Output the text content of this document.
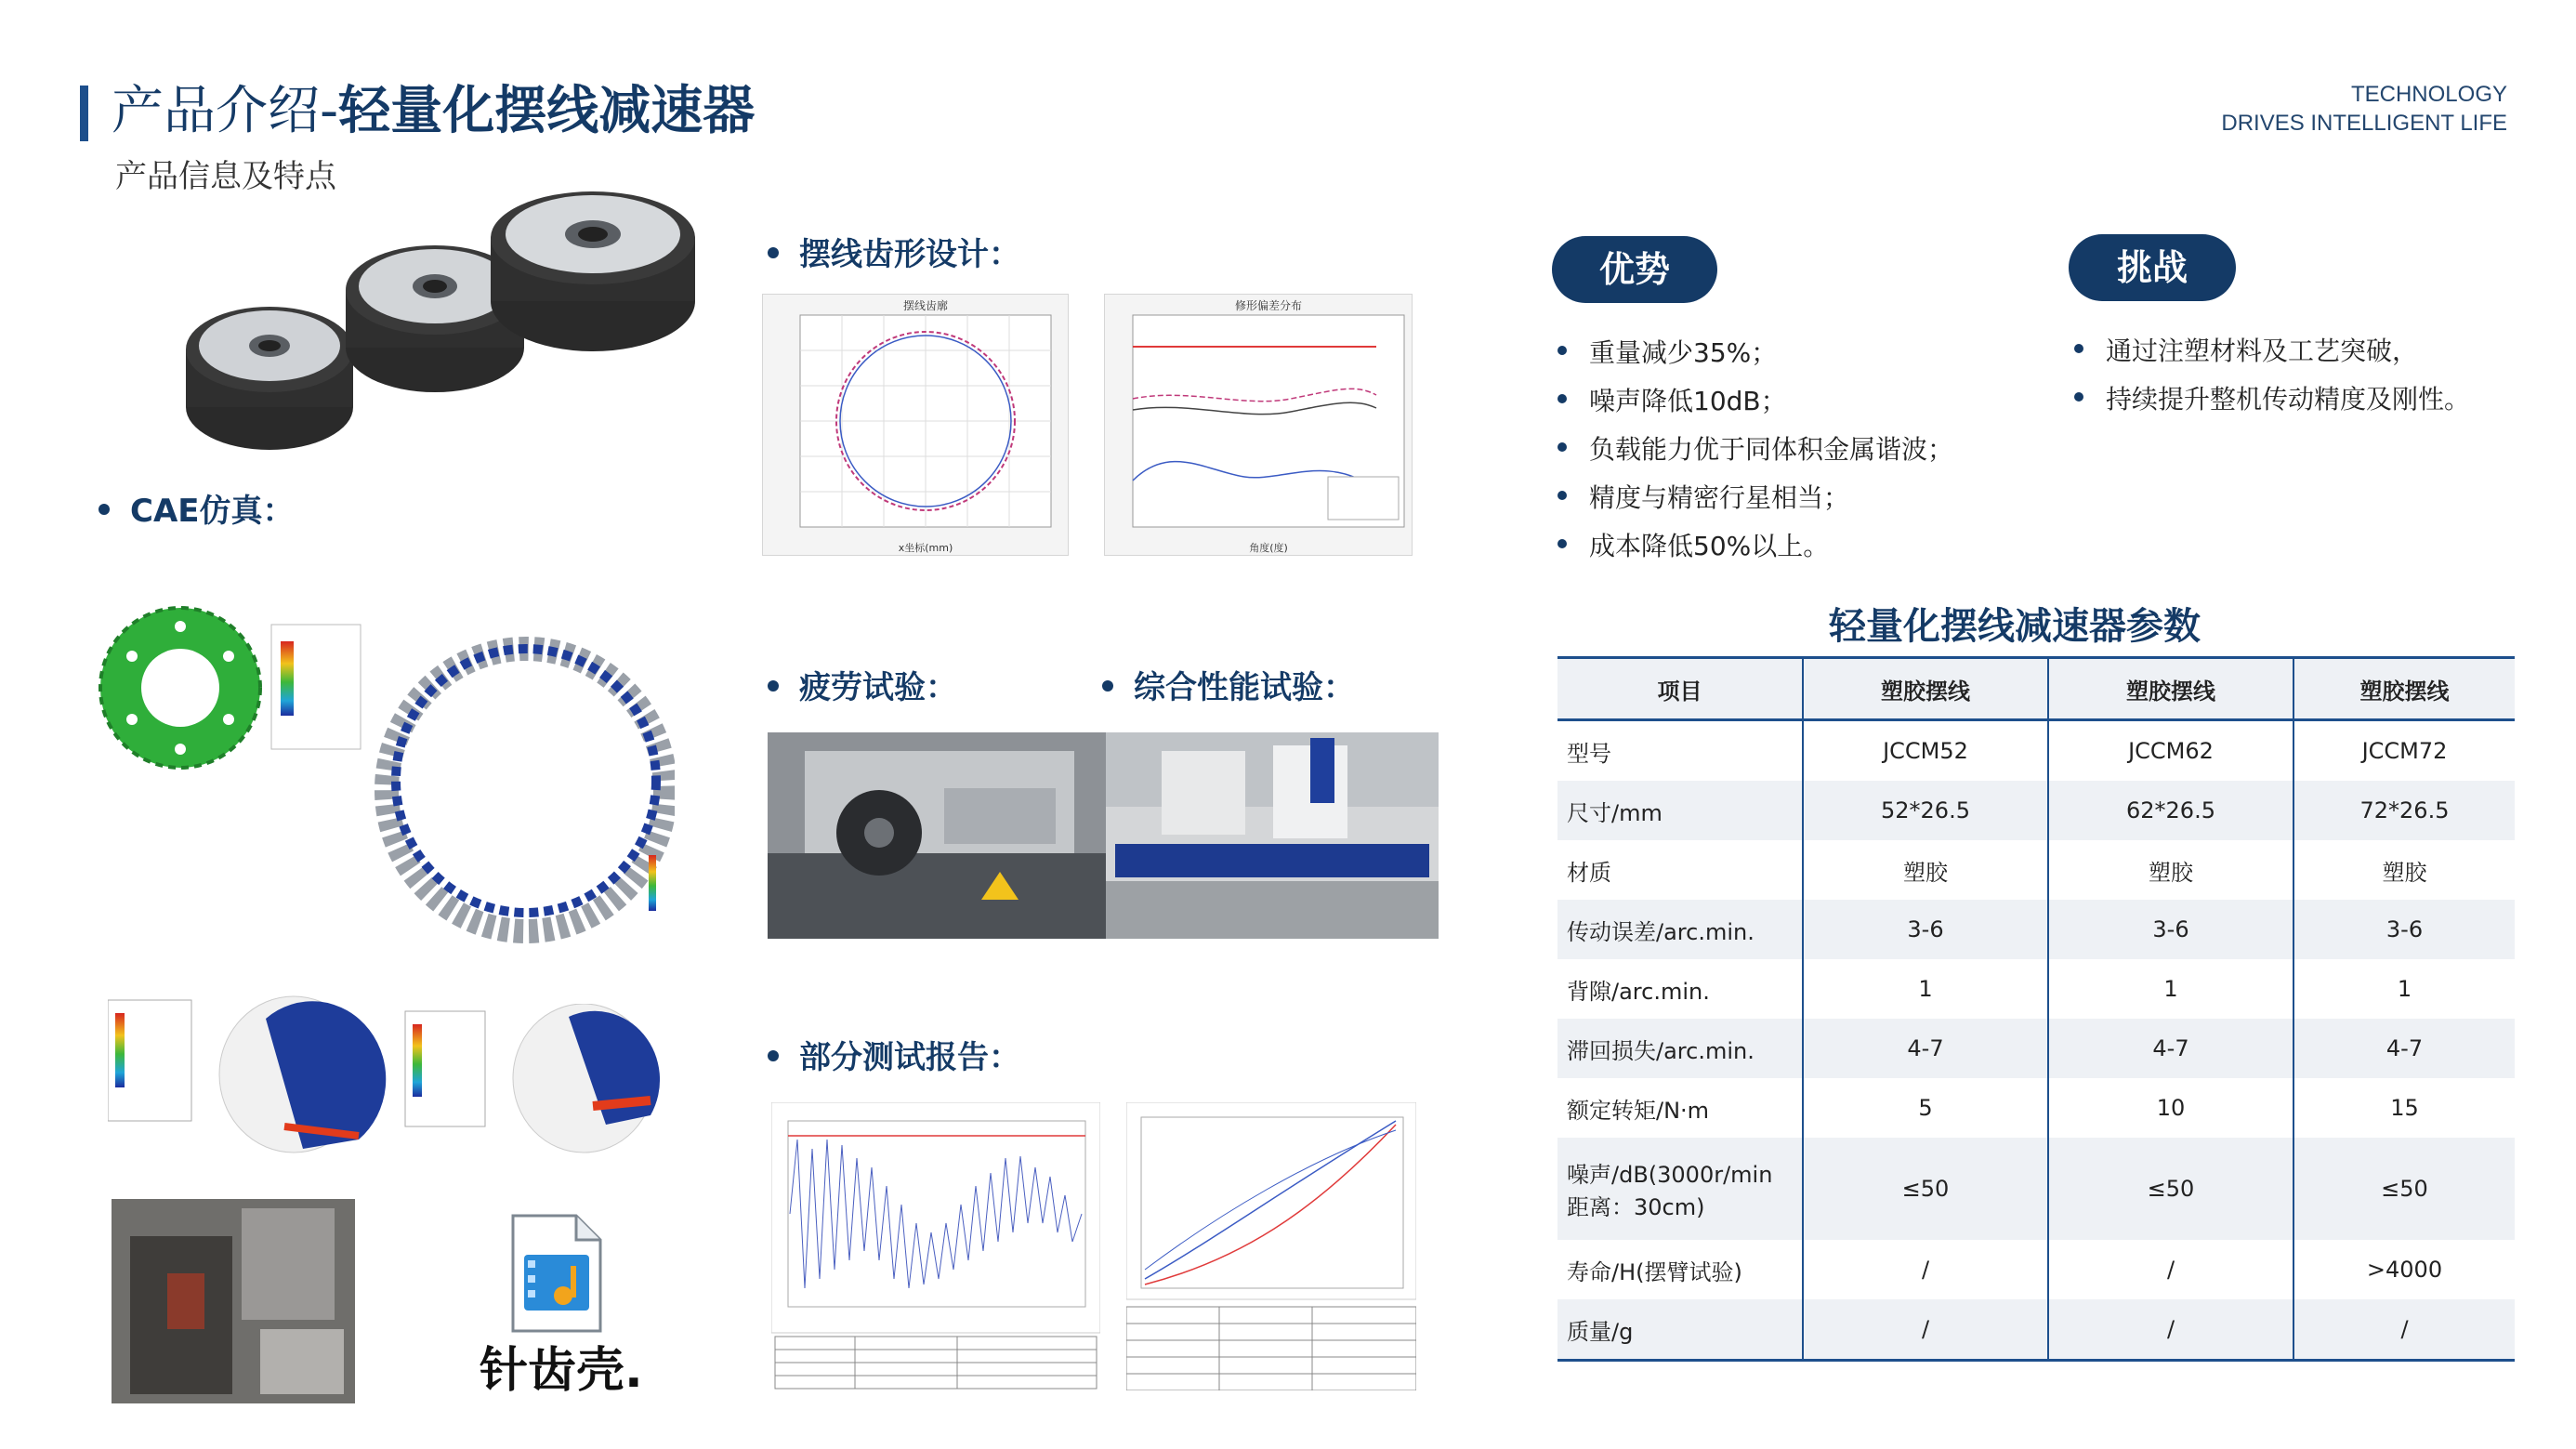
产品介绍-轻量化摆线减速器
产品信息及特点
TECHNOLOGY
DRIVES INTELLIGENT LIFE
CAE仿真：
摆线齿形设计：
疲劳试验：	综合性能试验：
部分测试报告：
摆线齿廓
x坐标(mm)
修形偏差分布
角度(度)
针齿壳.
优势
重量减少35%；
噪声降低10dB；
负载能力优于同体积金属谐波；
精度与精密行星相当；
成本降低50%以上。
挑战
通过注塑材料及工艺突破，
持续提升整机传动精度及刚性。
轻量化摆线减速器参数
项目	塑胶摆线	塑胶摆线	塑胶摆线
型号	JCCM52	JCCM62	JCCM72
尺寸/mm	52*26.5	62*26.5	72*26.5
材质	塑胶	塑胶	塑胶
传动误差/arc.min.	3-6	3-6	3-6
背隙/arc.min.	1	1	1
滞回损失/arc.min.	4-7	4-7	4-7
额定转矩/N·m	5	10	15
噪声/dB(3000r/min 距离：30cm)	≤50	≤50	≤50
寿命/H(摆臂试验)	/	/	>4000
质量/g	/	/	/
